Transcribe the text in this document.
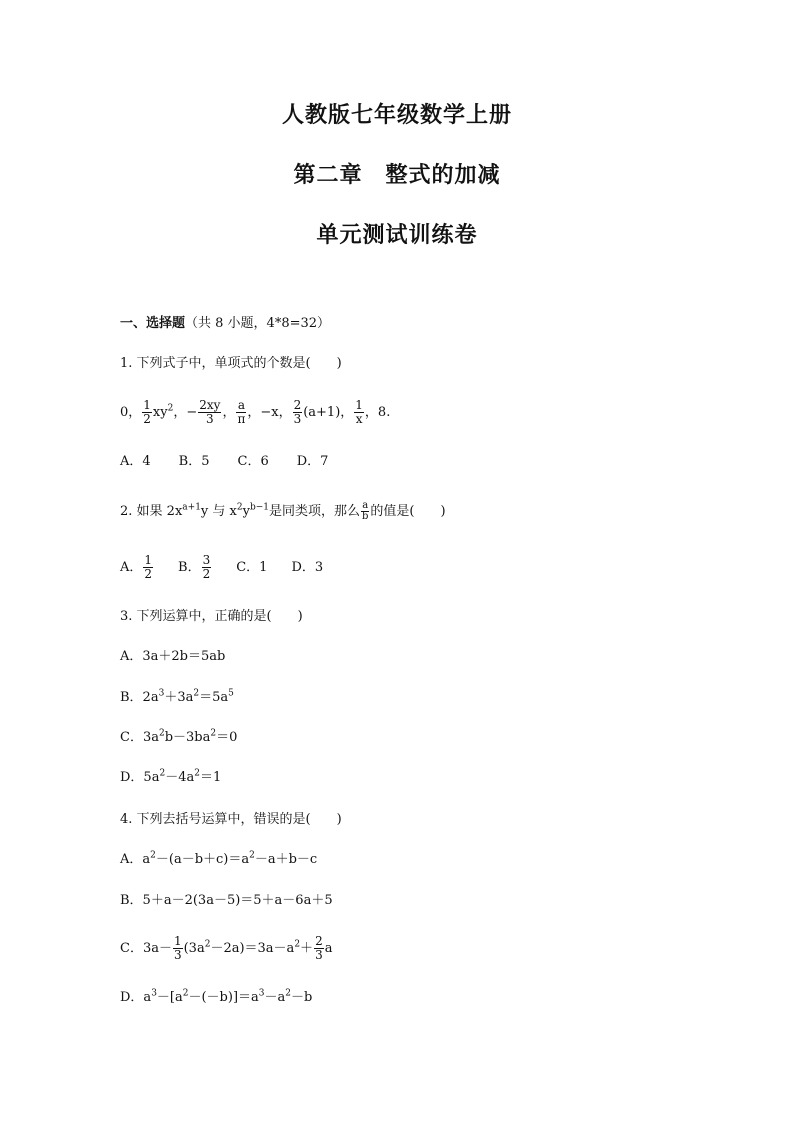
人教版七年级数学上册
第二章　整式的加减
单元测试训练卷
一、选择题（共 8 小题，4*8=32）
1. 下列式子中，单项式的个数是(　　)
0， $\frac{1}{2} xy^2$，− $\frac{2xy}{3}$ ， $\frac{a}{\pi}$ ，−x， $\frac{2}{3} (a+1)$， $\frac{1}{x}$ ，8.
A．4 B．5 C．6 D．7
2. 如果 $2x^{a+1}y$ 与 $x^2y^{b-1}$是同类项，那么 $\frac{a}{b}$ 的值是(　　)
A． $\frac{1}{2}$ B． $\frac{3}{2}$ C．1 D．3
3. 下列运算中，正确的是(　　)
A．3a＋2b＝5ab
B．$2a^3+3a^2=5a^5$
C．$3a^2b-3ba^2=0$
D．$5a^2-4a^2=1$
4. 下列去括号运算中，错误的是(　　)
A．$a^2-(a-b+c)=a^2-a+b-c$
B．5＋a－2(3a－5)＝5＋a－6a＋5
C．$3a- \frac{1}{3} (3a^2-2a)=3a-a^2+ \frac{2}{3}$ a
D．$a^3-[a^2-(-b)]=a^3-a^2-b$
